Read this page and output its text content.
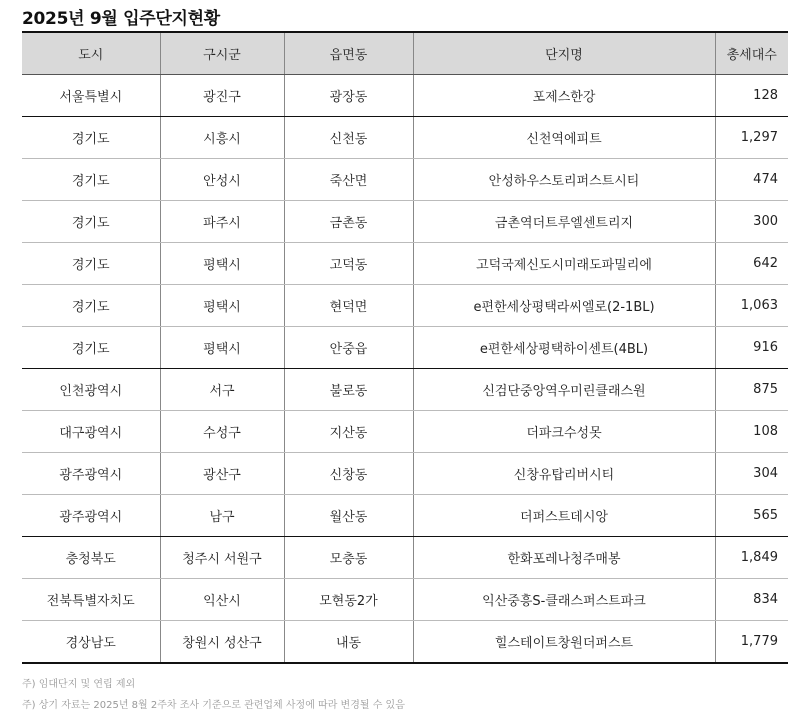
2025년 9월 입주단지현황
도시	구시군	읍면동	단지명	총세대수
서울특별시	광진구	광장동	포제스한강	128
경기도	시흥시	신천동	신천역에피트	1,297
경기도	안성시	죽산면	안성하우스토리퍼스트시티	474
경기도	파주시	금촌동	금촌역더트루엘센트리지	300
경기도	평택시	고덕동	고덕국제신도시미래도파밀리에	642
경기도	평택시	현덕면	e편한세상평택라씨엘로(2-1BL)	1,063
경기도	평택시	안중읍	e편한세상평택하이센트(4BL)	916
인천광역시	서구	불로동	신검단중앙역우미린클래스원	875
대구광역시	수성구	지산동	더파크수성못	108
광주광역시	광산구	신창동	신창유탑리버시티	304
광주광역시	남구	월산동	더퍼스트데시앙	565
충청북도	청주시 서원구	모충동	한화포레나청주매봉	1,849
전북특별자치도	익산시	모현동2가	익산중흥S-클래스퍼스트파크	834
경상남도	창원시 성산구	내동	힐스테이트창원더퍼스트	1,779
주) 임대단지 및 연립 제외
주) 상기 자료는 2025년 8월 2주차 조사 기준으로 관련업체 사정에 따라 변경될 수 있음
